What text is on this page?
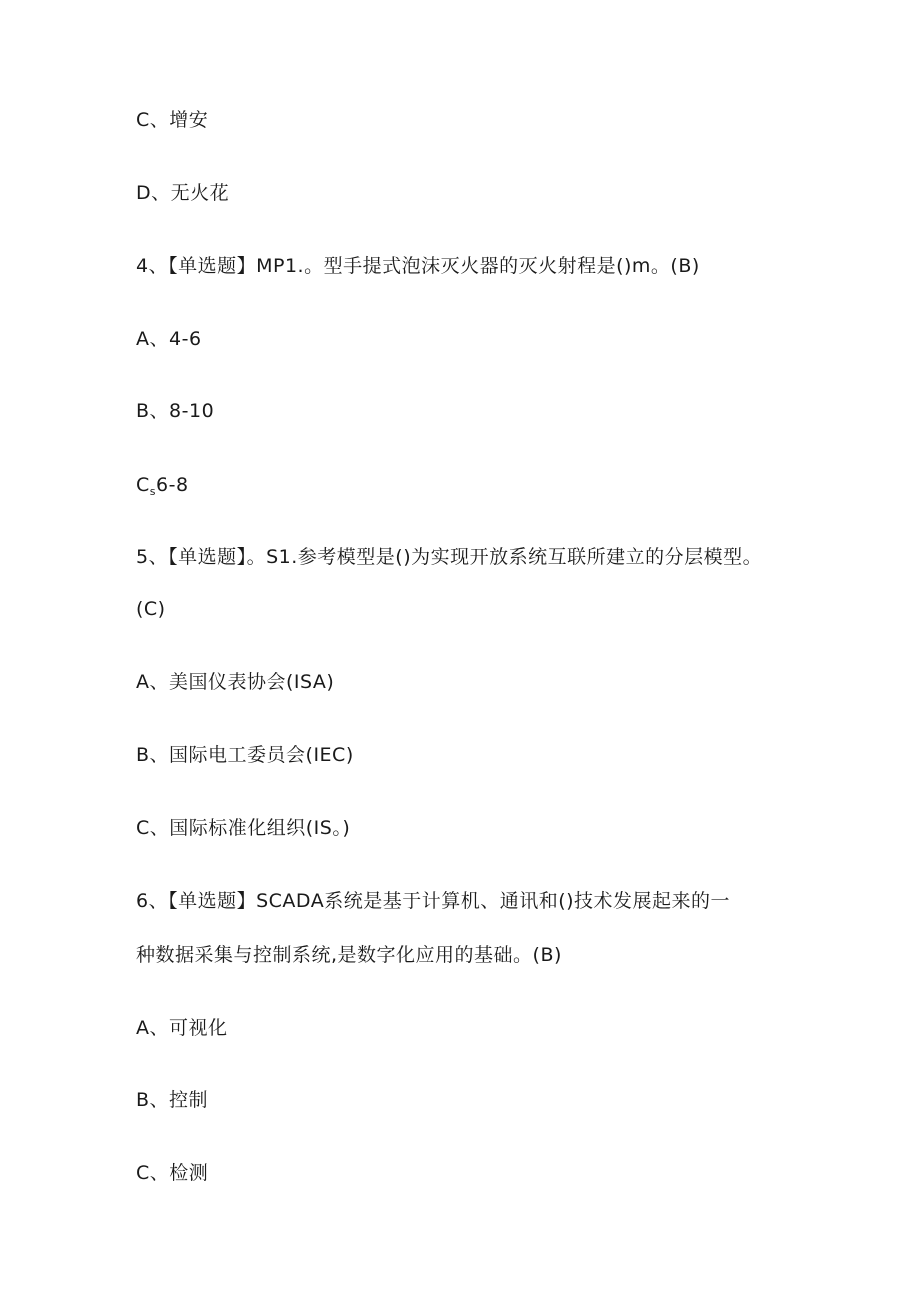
C、增安
D、无火花
4、【单选题】MP1.。型手提式泡沫灭火器的灭火射程是()m。(B)
A、4-6
B、8-10
$C_s6-8$
5、【单选题】。S1.参考模型是()为实现开放系统互联所建立的分层模型。
(C)
A、美国仪表协会(ISA)
B、国际电工委员会(IEC)
C、国际标准化组织(IS。)
6、【单选题】SCADA系统是基于计算机、通讯和()技术发展起来的一
种数据采集与控制系统,是数字化应用的基础。(B)
A、可视化
B、控制
C、检测
